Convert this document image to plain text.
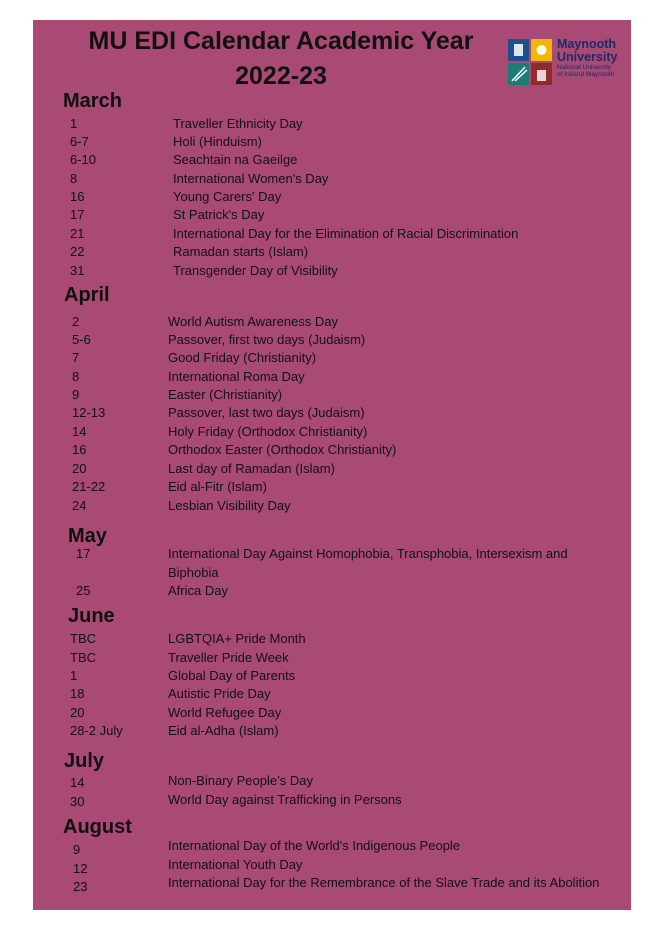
MU EDI Calendar Academic Year
2022-23
Maynooth
University
National University
of Ireland Maynooth
March
1	Traveller Ethnicity Day
6-7	Holi (Hinduism)
6-10	Seachtain na Gaeilge
8	International Women's Day
16	Young Carers' Day
17	St Patrick's Day
21	International Day for the Elimination of Racial Discrimination
22	Ramadan starts (Islam)
31	Transgender Day of Visibility
April
2	World Autism Awareness Day
5-6	Passover, first two days (Judaism)
7	Good Friday (Christianity)
8	International Roma Day
9	Easter (Christianity)
12-13	Passover, last two days (Judaism)
14	Holy Friday (Orthodox Christianity)
16	Orthodox Easter (Orthodox Christianity)
20	Last day of Ramadan (Islam)
21-22	Eid al-Fitr (Islam)
24	Lesbian Visibility Day
May
17	International Day Against Homophobia, Transphobia, Intersexism and Biphobia
25	Africa Day
June
TBC	LGBTQIA+ Pride Month
TBC	Traveller Pride Week
1	Global Day of Parents
18	Autistic Pride Day
20	World Refugee Day
28-2 July	Eid al-Adha (Islam)
July
14	Non-Binary People’s Day
30	World Day against Trafficking in Persons
August
9	International Day of the World's Indigenous People
12	International Youth Day
23	International Day for the Remembrance of the Slave Trade and its Abolition
